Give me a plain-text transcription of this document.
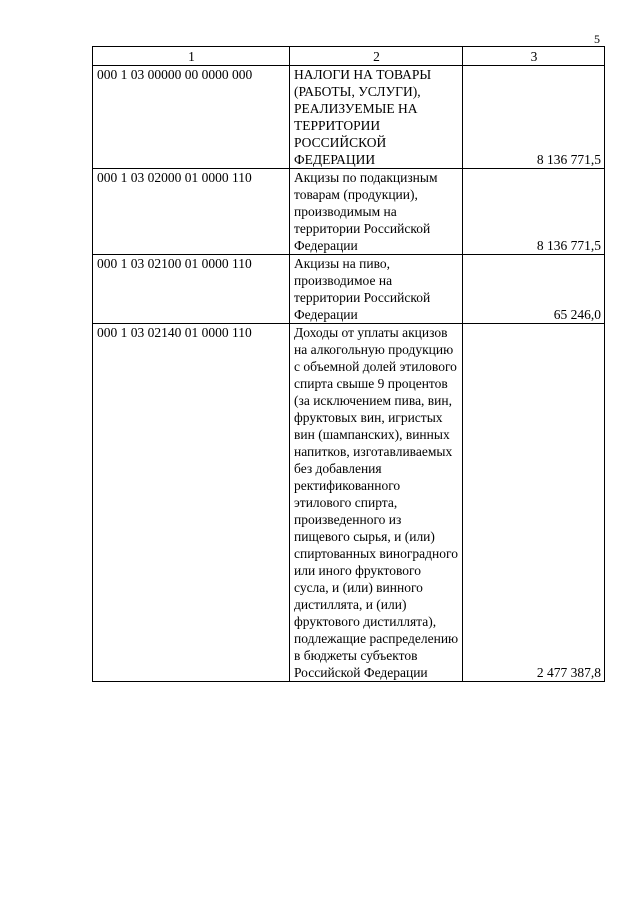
5
1	2	3
000 1 03 00000 00 0000 000	НАЛОГИ НА ТОВАРЫ (РАБОТЫ, УСЛУГИ), РЕАЛИЗУЕМЫЕ НА ТЕРРИТОРИИ РОССИЙСКОЙ ФЕДЕРАЦИИ	8 136 771,5
000 1 03 02000 01 0000 110	Акцизы по подакцизным товарам (продукции), производимым на территории Российской Федерации	8 136 771,5
000 1 03 02100 01 0000 110	Акцизы на пиво, производимое на территории Российской Федерации	65 246,0
000 1 03 02140 01 0000 110	Доходы от уплаты акцизов на алкогольную продукцию с объемной долей этилового спирта свыше 9 процентов (за исключением пива, вин, фруктовых вин, игристых вин (шампанских), винных напитков, изготавливаемых без добавления ректификованного этилового спирта, произведенного из пищевого сырья, и (или) спиртованных виноградного или иного фруктового сусла, и (или) винного дистиллята, и (или) фруктового дистиллята), подлежащие распределению в бюджеты субъектов Российской Федерации	2 477 387,8
